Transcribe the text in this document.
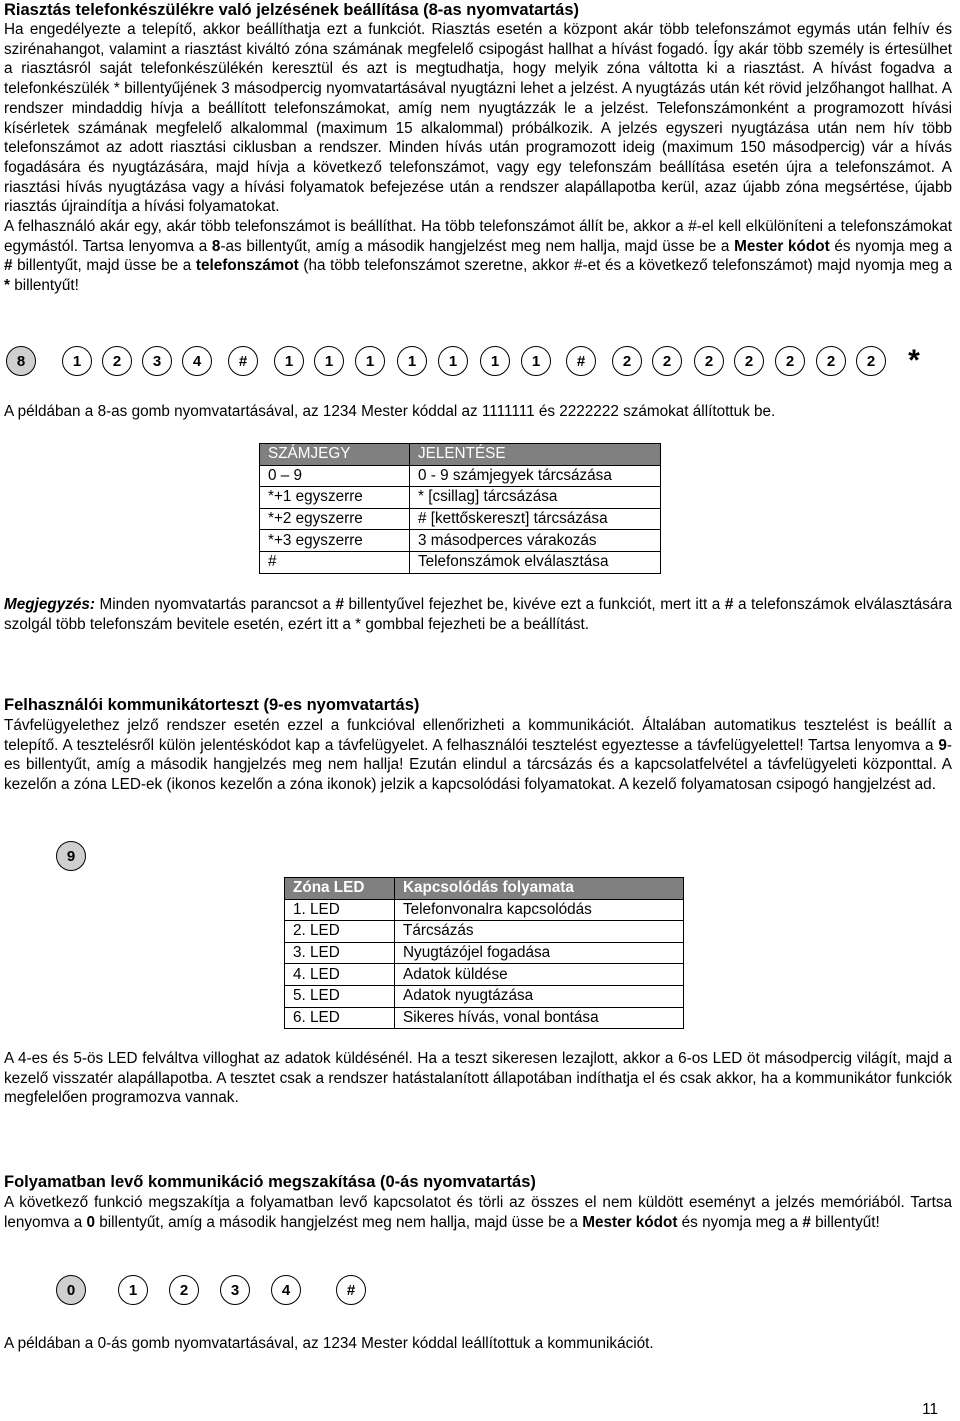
Riasztás telefonkészülékre való jelzésének beállítása (8-as nyomvatartás)

Ha engedélyezte a telepítő, akkor beállíthatja ezt a funkciót. Riasztás esetén a központ akár több telefonszámot egymás után felhív és szirénahangot, valamint a riasztást kiváltó zóna számának megfelelő csipogást hallhat a hívást fogadó. Így akár több személy is értesülhet a riasztásról saját telefonkészülékén keresztül és azt is megtudhatja, hogy melyik zóna váltotta ki a riasztást. A hívást fogadva a telefonkészülék * billentyűjének 3 másodpercig nyomvatartásával nyugtázni lehet a jelzést. A nyugtázás után két rövid jelzőhangot hallhat. A rendszer mindaddig hívja a beállított telefonszámokat, amíg nem nyugtázzák le a jelzést. Telefonszámonként a programozott hívási kísérletek számának megfelelő alkalommal (maximum 15 alkalommal) próbálkozik. A jelzés egyszeri nyugtázása után nem hív több telefonszámot az adott riasztási ciklusban a rendszer. Minden hívás után programozott ideig (maximum 150 másodpercig) vár a hívás fogadására és nyugtázására, majd hívja a következő telefonszámot, vagy egy telefonszám beállítása esetén újra a telefonszámot. A riasztási hívás nyugtázása vagy a hívási folyamatok befejezése után a rendszer alapállapotba kerül, azaz újabb zóna megsértése, újabb riasztás újraindítja a hívási folyamatokat.

A felhasználó akár egy, akár több telefonszámot is beállíthat. Ha több telefonszámot állít be, akkor a #-el kell elkülöníteni a telefonszámokat egymástól. Tartsa lenyomva a 8-as billentyűt, amíg a második hangjelzést meg nem hallja, majd üsse be a Mester kódot és nyomja meg a # billentyűt, majd üsse be a telefonszámot (ha több telefonszámot szeretne, akkor #-et és a következő telefonszámot) majd nyomja meg a * billentyűt!

8	1	2	3	4	#	1	1	1	1	1	1	1	#	2	2	2	2	2	2	2	*
A példában a 8-as gomb nyomvatartásával, az 1234 Mester kóddal az 1111111 és 2222222 számokat állítottuk be.
SZÁMJEGY	JELENTÉSE
0 – 9	0 - 9 számjegyek tárcsázása
*+1 egyszerre	* [csillag] tárcsázása
*+2 egyszerre	# [kettőskereszt] tárcsázása
*+3 egyszerre	3 másodperces várakozás
#	Telefonszámok elválasztása
Megjegyzés: Minden nyomvatartás parancsot a # billentyűvel fejezhet be, kivéve ezt a funkciót, mert itt a # a telefonszámok elválasztására szolgál több telefonszám bevitele esetén, ezért itt a * gombbal fejezheti be a beállítást.
Felhasználói kommunikátorteszt (9-es nyomvatartás)
Távfelügyelethez jelző rendszer esetén ezzel a funkcióval ellenőrizheti a kommunikációt. Általában automatikus tesztelést is beállít a telepítő. A tesztelésről külön jelentéskódot kap a távfelügyelet. A felhasználói tesztelést egyeztesse a távfelügyelettel! Tartsa lenyomva a 9-es billentyűt, amíg a második hangjelzés meg nem hallja! Ezután elindul a tárcsázás és a kapcsolatfelvétel a távfelügyeleti központtal. A kezelőn a zóna LED-ek (ikonos kezelőn a zóna ikonok) jelzik a kapcsolódási folyamatokat. A kezelő folyamatosan csipogó hangjelzést ad.
9
Zóna LED	Kapcsolódás folyamata
1. LED	Telefonvonalra kapcsolódás
2. LED	Tárcsázás
3. LED	Nyugtázójel fogadása
4. LED	Adatok küldése
5. LED	Adatok nyugtázása
6. LED	Sikeres hívás, vonal bontása
A 4-es és 5-ös LED felváltva villoghat az adatok küldésénél. Ha a teszt sikeresen lezajlott, akkor a 6-os LED öt másodpercig világít, majd a kezelő visszatér alapállapotba. A tesztet csak a rendszer hatástalanított állapotában indíthatja el és csak akkor, ha a kommunikátor funkciók megfelelően programozva vannak.
Folyamatban levő kommunikáció megszakítása (0-ás nyomvatartás)
A következő funkció megszakítja a folyamatban levő kapcsolatot és törli az összes el nem küldött eseményt a jelzés memóriából. Tartsa lenyomva a 0 billentyűt, amíg a második hangjelzést meg nem hallja, majd üsse be a Mester kódot és nyomja meg a # billentyűt!
0	1	2	3	4	#
A példában a 0-ás gomb nyomvatartásával, az 1234 Mester kóddal leállítottuk a kommunikációt.
11
